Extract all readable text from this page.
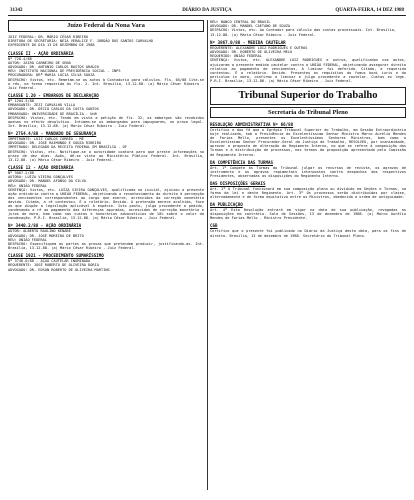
31342	DIÁRIO DA JUSTIÇA	QUARTA-FEIRA, 14 DEZ 1988
Juízo Federal da Nona Vara
JUIZ FEDERAL: DR. MÁRIO CÉSAR RIBEIRO
DIRETORA DE SECRETARIA: NEIA VERALICE F. JORDÃO DOS SANTOS CARVALHO
EXPEDIENTE DO DIA 13 DE DEZEMBRO DE 1988
CLASSE II - AÇÃO ORDINÁRIA
Nº 728.4/88
AUTOR: JAIRO CARNEIRO DE SENA
ADVOGADO: DR. ANTONIO CARLOS BASTOS ARAÚJO
RÉU: INSTITUTO NACIONAL DE PREVIDÊNCIA SOCIAL - INPS
PROCURADORA: DRª MARIA LÚCIA SILVA SOUZA
DESPACHO: Vistos, etc. Remetam-se os autos à Contadoria para cálculos. Fls. 05/08 Cite-se o réu, na forma requerida às fls. 2. Int. Brasília, 13.12.88. (a) Mário César Ribeiro - Juiz Federal.
CLASSE 1.20 - EMBARGOS DE DECLARAÇÃO
Nº 1204.3/88
EMBARGANTE: ZEZI CARVALHO VILLA
ADVOGADO: DR. DÉCIO CARLOS DA COSTA SANTOS
EMBARGADO: UNIVERSIDADE DE BRASÍLIA - UnB
DESPACHO: Vistos, etc. Tendo em vista a petição de fls. 32, os embargos são recebidos apenas no efeito devolutivo. Intimem-se os embargados para impugnarem, no prazo legal. Int. Brasília, 13.12.88. (a) Mário César Ribeiro - Juiz Federal.
Nº 2754.4/88 - MANDADO DE SEGURANÇA
IMPETRANTE: LUIZ CARLOS CORRÊA - ME
ADVOGADO: DR. JOSÉ RAIMUNDO E SOUZA RIBEIRO
IMPETRADO: DELEGADO DA RECEITA FEDERAL EM BRASÍLIA - DF
DESPACHO: Vistos, etc. Notifique-se a autoridade coatora para que preste informações no prazo de dez dias. Após, dê-se vista ao Ministério Público Federal. Int. Brasília, 13.12.88. (a) Mário César Ribeiro - Juiz Federal.
CLASSE 12 - AÇÃO ORDINÁRIA
Nº 3007.2/88
AUTORA: LUÍZA VIEIRA GONÇALVES
ADVOGADO: DR. MANOEL AFONSO DA SILVA
RÉU: UNIÃO FEDERAL
SENTENÇA: Vistos, etc. LUÍZA VIEIRA GONÇALVES, qualificada na inicial, ajuizou a presente ação ordinária contra a UNIÃO FEDERAL, objetivando o reconhecimento do direito à percepção dos vencimentos correspondentes ao cargo que exerce, acrescidos da correção monetária devida. Citada, a ré contestou. É o relatório. Decido. A pretensão merece acolhida, face ao que dispõe a legislação aplicável à espécie. Isto posto, julgo procedente o pedido, condenando a ré ao pagamento das diferenças apuradas, acrescidas de correção monetária e juros de mora, bem como nas custas e honorários advocatícios de 10% sobre o valor da condenação. P.R.I. Brasília, 13.12.88. (a) Mário César Ribeiro - Juiz Federal.
Nº 3440.2/88 - AÇÃO ORDINÁRIA
AUTOR: ALBERTO RAULINO KENABE
ADVOGADO: DR. JOSÉ MOREIRA DE BRITO
RÉU: UNIÃO FEDERAL
DESPACHO: Especifiquem as partes as provas que pretendem produzir, justificando-as. Int. Brasília, 13.12.88. (a) Mário César Ribeiro - Juiz Federal.
CLASSE 1921 - PROCEDIMENTO SUMARÍSSIMO
Nº 3746.0/88 - AÇÃO CAUTELAR INOMINADA
REQUERENTE: JOSÉ ROBERTO DE OLIVEIRA DORIA
ADVOGADO: DR. EDSON ROBERTO DE OLIVEIRA MARTINS
RÉU: BANCO CENTRAL DO BRASIL
ADVOGADO: DR. MANOEL CAETANO DE SOUZA
DESPACHO: Vistos, etc. Ao Contador para cálculo das custas processuais. Int. Brasília, 13.12.88. (a) Mário César Ribeiro - Juiz Federal.
Nº 3867.0/88 - MEDIDA CAUTELAR
REQUERENTE: ALEXANDRE LUIZ RODRIGUES E OUTROS
ADVOGADO: DR. ROBERTO DE OLIVEIRA MELO
REQUERIDO: UNIÃO FEDERAL
SENTENÇA: Vistos, etc. ALEXANDRE LUIZ RODRIGUES e outros, qualificados nos autos, ajuizaram a presente medida cautelar contra a UNIÃO FEDERAL, objetivando assegurar direito relativo ao pagamento de vencimentos. A liminar foi deferida. Citada, a requerida contestou. É o relatório. Decido. Presentes os requisitos do fumus boni iuris e do periculum in mora, confirmo a liminar e julgo procedente a cautelar. Custas ex lege. P.R.I. Brasília, 13.12.88. (a) Mário César Ribeiro - Juiz Federal.
Tribunal Superior do Trabalho
Secretaria do Tribunal Pleno
RESOLUÇÃO ADMINISTRATIVA Nº 66/88
Certifico e dou fé que o Egrégio Tribunal Superior do Trabalho, em Sessão Extraordinária hoje realizada, sob a Presidência do Excelentíssimo Senhor Ministro Marco Aurélio Mendes de Farias Mello, presentes os Excelentíssimos Senhores Ministros, bem como o Excelentíssimo Senhor Procurador-Geral da Justiça do Trabalho, RESOLVEU, por unanimidade, aprovar a proposta de alteração do Regimento Interno, no que se refere à composição das Turmas e à distribuição de processos, nos termos da proposição apresentada pela Comissão de Regimento Interno.
DA COMPETÊNCIA DAS TURMAS
Art. 1º Compete às Turmas do Tribunal julgar os recursos de revista, os agravos de instrumento e os agravos regimentais interpostos contra despachos dos respectivos Presidentes, observadas as disposições do Regimento Interno.
DAS DISPOSIÇÕES GERAIS
Art. 2º O Tribunal funcionará em sua composição plena ou dividido em Seções e Turmas, na forma da lei e deste Regimento. Art. 3º Os processos serão distribuídos por classe, alternadamente e de forma equitativa entre os Ministros, obedecida a ordem de antiguidade.
DA PUBLICAÇÃO
Art. 4º Esta Resolução entrará em vigor na data de sua publicação, revogadas as disposições em contrário. Sala de Sessões, 13 de dezembro de 1988. (a) Marco Aurélio Mendes de Farias Mello - Ministro Presidente.
CGB
Certifico que o presente foi publicado no Diário da Justiça desta data, para os fins de direito. Brasília, 13 de dezembro de 1988. Secretário do Tribunal Pleno.
